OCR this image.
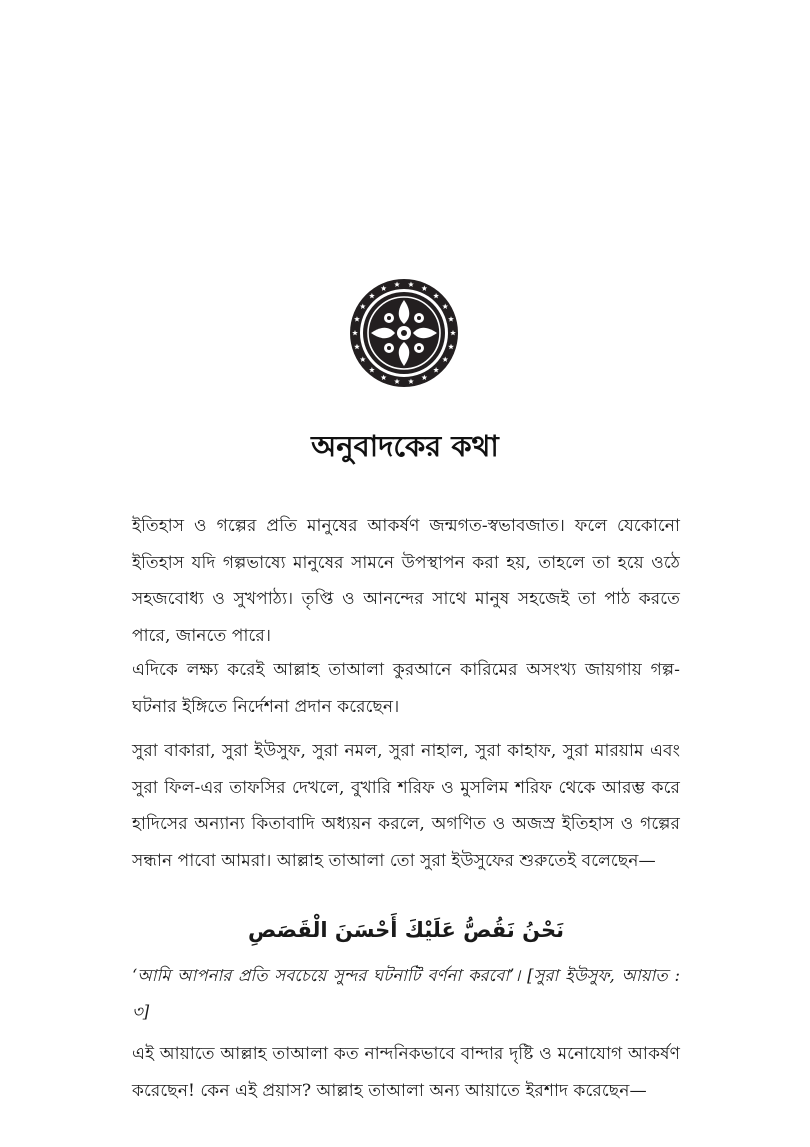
অনুবাদকের কথা

ইতিহাস ও গল্পের প্রতি মানুষের আকর্ষণ জন্মগত-স্বভাবজাত। ফলে যেকোনো ইতিহাস যদি গল্পভাষ্যে মানুষের সামনে উপস্থাপন করা হয়, তাহলে তা হয়ে ওঠে সহজবোধ্য ও সুখপাঠ্য। তৃপ্তি ও আনন্দের সাথে মানুষ সহজেই তা পাঠ করতে পারে, জানতে পারে।

এদিকে লক্ষ্য করেই আল্লাহ তাআলা কুরআনে কারিমের অসংখ্য জায়গায় গল্প-ঘটনার ইঙ্গিতে নির্দেশনা প্রদান করেছেন।

সুরা বাকারা, সুরা ইউসুফ, সুরা নমল, সুরা নাহাল, সুরা কাহাফ, সুরা মারয়াম এবং সুরা ফিল-এর তাফসির দেখলে, বুখারি শরিফ ও মুসলিম শরিফ থেকে আরম্ভ করে হাদিসের অন্যান্য কিতাবাদি অধ্যয়ন করলে, অগণিত ও অজস্র ইতিহাস ও গল্পের সন্ধান পাবো আমরা। আল্লাহ তাআলা তো সুরা ইউসুফের শুরুতেই বলেছেন—

نَحْنُ نَقُصُّ عَلَيْكَ أَحْسَنَ الْقَصَصِ

‘আমি আপনার প্রতি সবচেয়ে সুন্দর ঘটনাটি বর্ণনা করবো’। [সুরা ইউসুফ, আয়াত : ৩]

এই আয়াতে আল্লাহ তাআলা কত নান্দনিকভাবে বান্দার দৃষ্টি ও মনোযোগ আকর্ষণ করেছেন! কেন এই প্রয়াস? আল্লাহ তাআলা অন্য আয়াতে ইরশাদ করেছেন—
